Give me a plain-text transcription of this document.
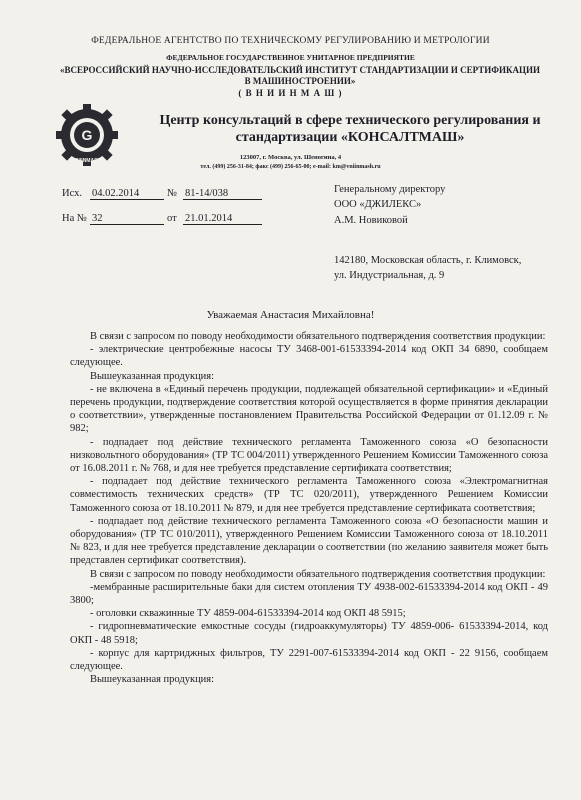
ФЕДЕРАЛЬНОЕ АГЕНТСТВО ПО ТЕХНИЧЕСКОМУ РЕГУЛИРОВАНИЮ И МЕТРОЛОГИИ
ФЕДЕРАЛЬНОЕ ГОСУДАРСТВЕННОЕ УНИТАРНОЕ ПРЕДПРИЯТИЕ
«ВСЕРОССИЙСКИЙ НАУЧНО-ИССЛЕДОВАТЕЛЬСКИЙ ИНСТИТУТ СТАНДАРТИЗАЦИИ И СЕРТИФИКАЦИИ В МАШИНОСТРОЕНИИ»
( В Н И И Н М А Ш )
G
VNIINMASH
Центр консультаций в сфере технического регулирования и стандартизации «КОНСАЛТМАШ»
123007, г. Москва, ул. Шеногина, 4
тел. (499) 256-31-84; факс (499) 256-65-00; e-mail: km@vniinmash.ru
Исх. 04.02.2014	№ 81-14/038
На № 32	от 21.01.2014
Генеральному директору
ООО «ДЖИЛЕКС»
А.М. Новиковой
142180, Московская область, г. Климовск,
ул. Индустриальная, д. 9
Уважаемая Анастасия Михайловна!

В связи с запросом по поводу необходимости обязательного подтверждения соответствия продукции:

- электрические центробежные насосы ТУ 3468-001-61533394-2014 код ОКП 34 6890, сообщаем следующее.

Вышеуказанная продукция:

- не включена в «Единый перечень продукции, подлежащей обязательной сертификации» и «Единый перечень продукции, подтверждение соответствия которой осуществляется в форме принятия декларации о соответствии», утвержденные постановлением Правительства Российской Федерации от 01.12.09 г. № 982;

- подпадает под действие технического регламента Таможенного союза «О безопасности низковольтного оборудования» (ТР ТС 004/2011) утвержденного Решением Комиссии Таможенного союза от 16.08.2011 г. № 768, и для нее требуется представление сертификата соответствия;

- подпадает под действие технического регламента Таможенного союза «Электромагнитная совместимость технических средств» (ТР ТС 020/2011), утвержденного Решением Комиссии Таможенного союза от 18.10.2011 № 879, и для нее требуется представление сертификата соответствия;

- подпадает под действие технического регламента Таможенного союза «О безопасности машин и оборудования» (ТР ТС 010/2011), утвержденного Решением Комиссии Таможенного союза от 18.10.2011 № 823, и для нее требуется представление декларации о соответствии (по желанию заявителя может быть представлен сертификат соответствия).

В связи с запросом по поводу необходимости обязательного подтверждения соответствия продукции:

-мембранные расширительные баки для систем отопления ТУ 4938-002-61533394-2014 код ОКП - 49 3800;

- оголовки скважинные ТУ 4859-004-61533394-2014 код ОКП 48 5915;

- гидропневматические емкостные сосуды (гидроаккумуляторы) ТУ 4859-006- 61533394-2014, код ОКП - 48 5918;

- корпус для картриджных фильтров, ТУ 2291-007-61533394-2014 код ОКП - 22 9156, сообщаем следующее.

Вышеуказанная продукция:
